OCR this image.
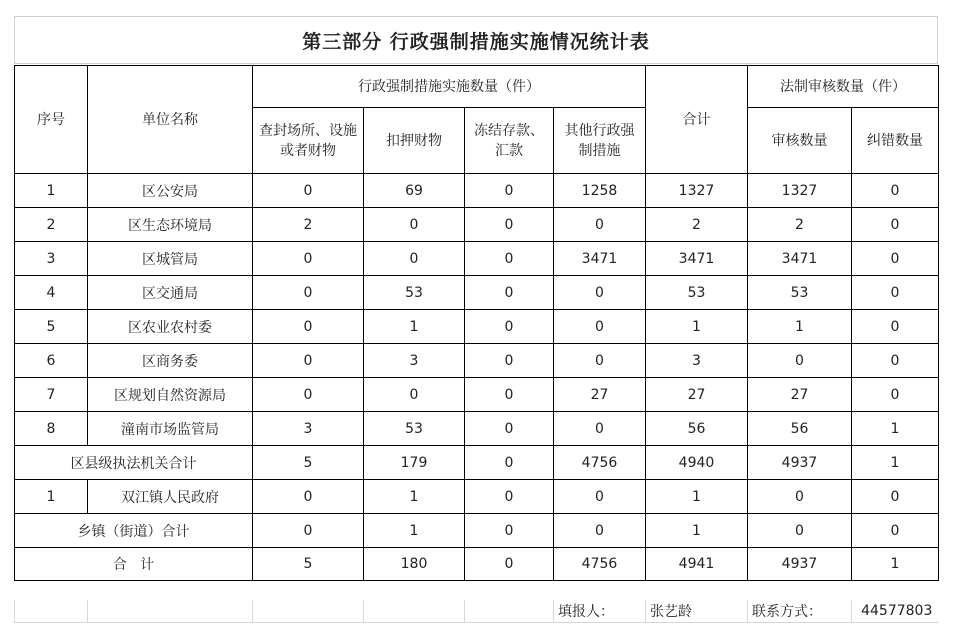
第三部分 行政强制措施实施情况统计表
序号	单位名称	行政强制措施实施数量（件）				合计	法制审核数量（件）	
		查封场所、设施或者财物	扣押财物	冻结存款、汇款	其他行政强制措施		审核数量	纠错数量
1	区公安局	0	69	0	1258	1327	1327	0
2	区生态环境局	2	0	0	0	2	2	0
3	区城管局	0	0	0	3471	3471	3471	0
4	区交通局	0	53	0	0	53	53	0
5	区农业农村委	0	1	0	0	1	1	0
6	区商务委	0	3	0	0	3	0	0
7	区规划自然资源局	0	0	0	27	27	27	0
8	潼南市场监管局	3	53	0	0	56	56	1
区县级执法机关合计		5	179	0	4756	4940	4937	1
1	双江镇人民政府	0	1	0	0	1	0	0
乡镇（街道）合计		0	1	0	0	1	0	0
合   计		5	180	0	4756	4941	4937	1
					填报人：	张艺龄	联系方式：	44577803
